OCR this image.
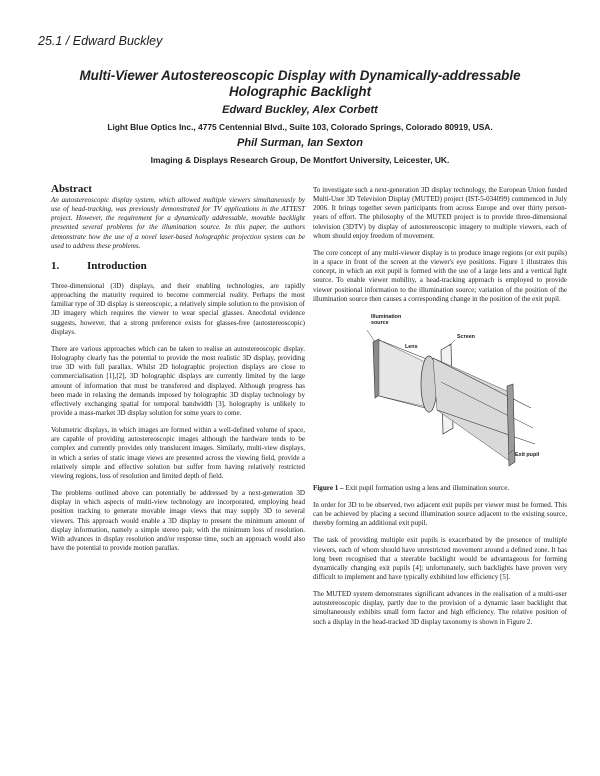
25.1 / Edward Buckley
Multi-Viewer Autostereoscopic Display with Dynamically-addressable Holographic Backlight
Edward Buckley, Alex Corbett
Light Blue Optics Inc., 4775 Centennial Blvd., Suite 103, Colorado Springs, Colorado 80919, USA.
Phil Surman, Ian Sexton
Imaging & Displays Research Group, De Montfort University, Leicester, UK.
Abstract

An autostereoscopic display system, which allowed multiple viewers simultaneously by use of head-tracking, was previously demonstrated for TV applications in the ATTEST project. However, the requirement for a dynamically addressable, movable backlight presented several problems for the illumination source. In this paper, the authors demonstrate how the use of a novel laser-based holographic projection system can be used to address these problems.

1.	Introduction

Three-dimensional (3D) displays, and their enabling technologies, are rapidly approaching the maturity required to become commercial reality. Perhaps the most familiar type of 3D display is stereoscopic, a relatively simple solution to the provision of 3D imagery which requires the viewer to wear special glasses. Anecdotal evidence suggests, however, that a strong preference exists for glasses-free (autostereoscopic) displays.

There are various approaches which can be taken to realise an autostereoscopic display. Holography clearly has the potential to provide the most realistic 3D display, providing true 3D with full parallax. Whilst 2D holographic projection displays are close to commercialisation [1],[2], 3D holographic displays are currently limited by the large amount of information that must be transferred and displayed. Although progress has been made in relaxing the demands imposed by holographic 3D display technology by effectively exchanging spatial for temporal bandwidth [3], holography is unlikely to provide a mass-market 3D display solution for some years to come.

Volumetric displays, in which images are formed within a well-defined volume of space, are capable of providing autostereoscopic images although the hardware tends to be complex and currently provides only translucent images. Similarly, multi-view displays, in which a series of static image views are presented across the viewing field, provide a relatively simple and effective solution but suffer from having relatively restricted viewing regions, loss of resolution and limited depth of field.

The problems outlined above can potentially be addressed by a next-generation 3D display in which aspects of multi-view technology are incorporated, employing head position tracking to generate movable image views that may supply 3D to several viewers. This approach would enable a 3D display to present the minimum amount of display information, namely a simple stereo pair, with the minimum loss of resolution. With advances in display resolution and/or response time, such an approach would also have the potential to provide motion parallax.

To investigate such a next-generation 3D display technology, the European Union funded Multi-User 3D Television Display (MUTED) project (IST-5-034099) commenced in July 2006. It brings together seven participants from across Europe and over thirty person-years of effort. The philosophy of the MUTED project is to provide three-dimensional television (3DTV) by display of autostereoscopic imagery to multiple viewers, each of whom should enjoy freedom of movement.

The core concept of any multi-viewer display is to produce image regions (or exit pupils) in a space in front of the screen at the viewer's eye positions. Figure 1 illustrates this concept, in which an exit pupil is formed with the use of a large lens and a vertical light source. To enable viewer mobility, a head-tracking approach is employed to provide viewer positional information to the illumination source; variation of the position of the illumination source then causes a corresponding change in the position of the exit pupil.

Illumination source
Lens
Screen
Exit pupil

Figure 1 – Exit pupil formation using a lens and illumination source.

In order for 3D to be observed, two adjacent exit pupils per viewer must be formed. This can be achieved by placing a second illumination source adjacent to the existing source, thereby forming an additional exit pupil.

The task of providing multiple exit pupils is exacerbated by the presence of multiple viewers, each of whom should have unrestricted movement around a defined zone. It has long been recognised that a steerable backlight would be advantageous for forming dynamically changing exit pupils [4]; unfortunately, such backlights have proven very difficult to implement and have typically exhibited low efficiency [5].

The MUTED system demonstrates significant advances in the realisation of a multi-user autostereoscopic display, partly due to the provision of a dynamic laser backlight that simultaneously exhibits small form factor and high efficiency. The relative position of such a display in the head-tracked 3D display taxonomy is shown in Figure 2.
